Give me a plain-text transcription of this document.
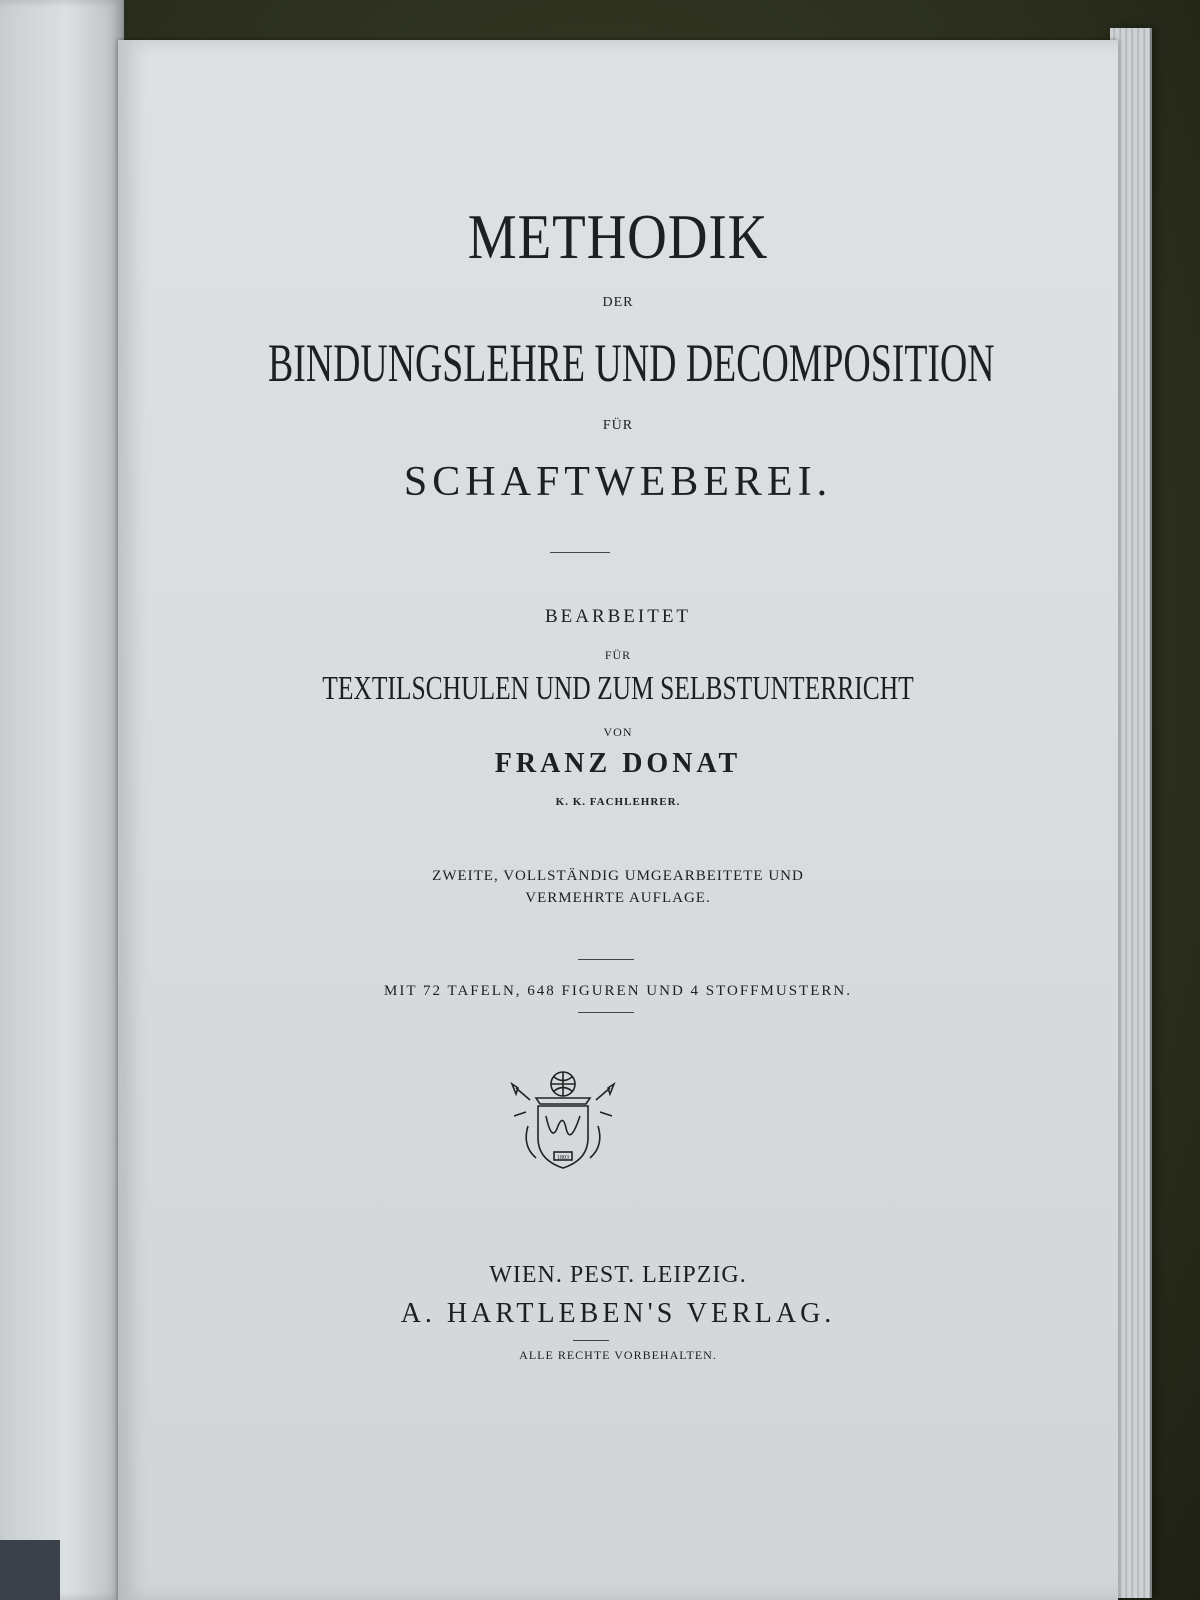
METHODIK
DER
BINDUNGSLEHRE UND DECOMPOSITION
FÜR
SCHAFTWEBEREI.
BEARBEITET
FÜR
TEXTILSCHULEN UND ZUM SELBSTUNTERRICHT
VON
FRANZ DONAT
K. K. FACHLEHRER.
ZWEITE, VOLLSTÄNDIG UMGEARBEITETE UND
VERMEHRTE AUFLAGE.
MIT 72 TAFELN, 648 FIGUREN UND 4 STOFFMUSTERN.
1803
WIEN. PEST. LEIPZIG.
A. HARTLEBEN'S VERLAG.
ALLE RECHTE VORBEHALTEN.
